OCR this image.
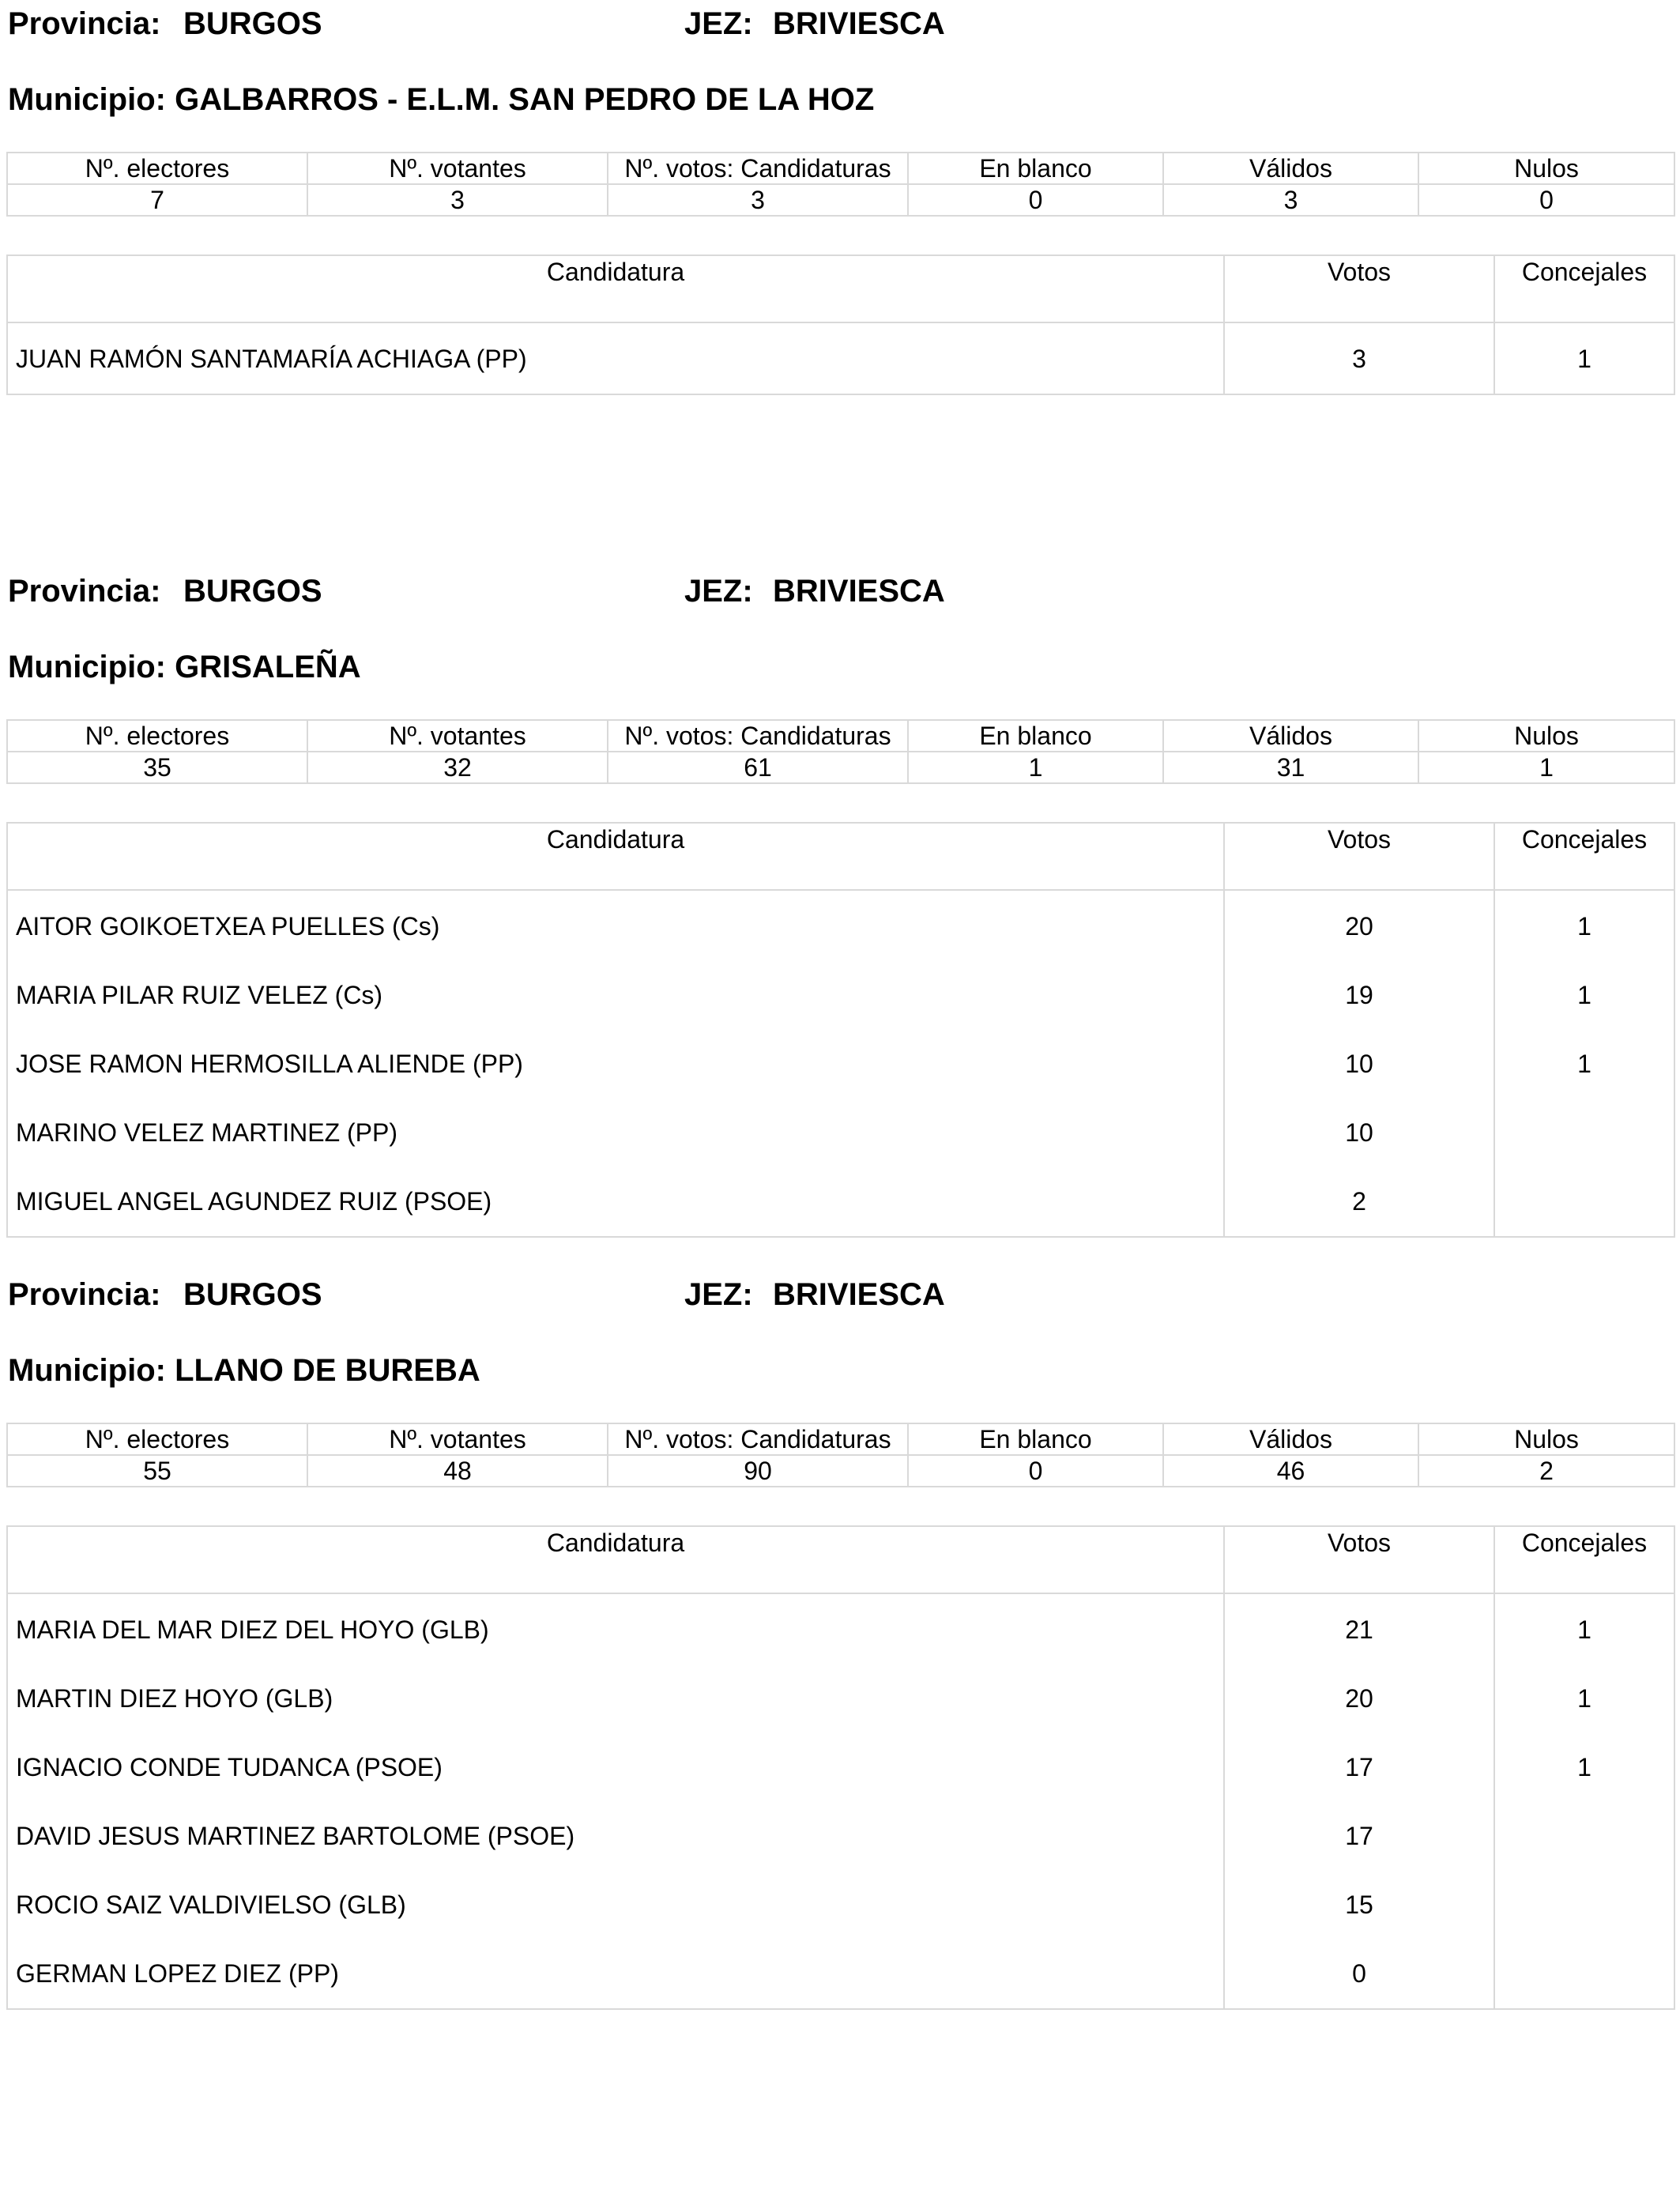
Provincia: BURGOS	JEZ: BRIVIESCA
Municipio: GALBARROS - E.L.M. SAN PEDRO DE LA HOZ
Nº. electores	Nº. votantes	Nº. votos: Candidaturas	En blanco	Válidos	Nulos
7	3	3	0	3	0
Candidatura	Votos	Concejales

JUAN RAMÓN SANTAMARÍA ACHIAGA (PP)	3	1
Provincia: BURGOS	JEZ: BRIVIESCA
Municipio: GRISALEÑA
Nº. electores	Nº. votantes	Nº. votos: Candidaturas	En blanco	Válidos	Nulos
35	32	61	1	31	1
Candidatura	Votos	Concejales

AITOR GOIKOETXEA PUELLES (Cs)	20	1
MARIA PILAR RUIZ VELEZ (Cs)	19	1
JOSE RAMON HERMOSILLA ALIENDE (PP)	10	1
MARINO VELEZ MARTINEZ (PP)	10	
MIGUEL ANGEL AGUNDEZ RUIZ (PSOE)	2	
Provincia: BURGOS	JEZ: BRIVIESCA
Municipio: LLANO DE BUREBA
Nº. electores	Nº. votantes	Nº. votos: Candidaturas	En blanco	Válidos	Nulos
55	48	90	0	46	2
Candidatura	Votos	Concejales

MARIA DEL MAR DIEZ DEL HOYO (GLB)	21	1
MARTIN DIEZ HOYO (GLB)	20	1
IGNACIO CONDE TUDANCA (PSOE)	17	1
DAVID JESUS MARTINEZ BARTOLOME (PSOE)	17	
ROCIO SAIZ VALDIVIELSO (GLB)	15	
GERMAN LOPEZ DIEZ (PP)	0	
